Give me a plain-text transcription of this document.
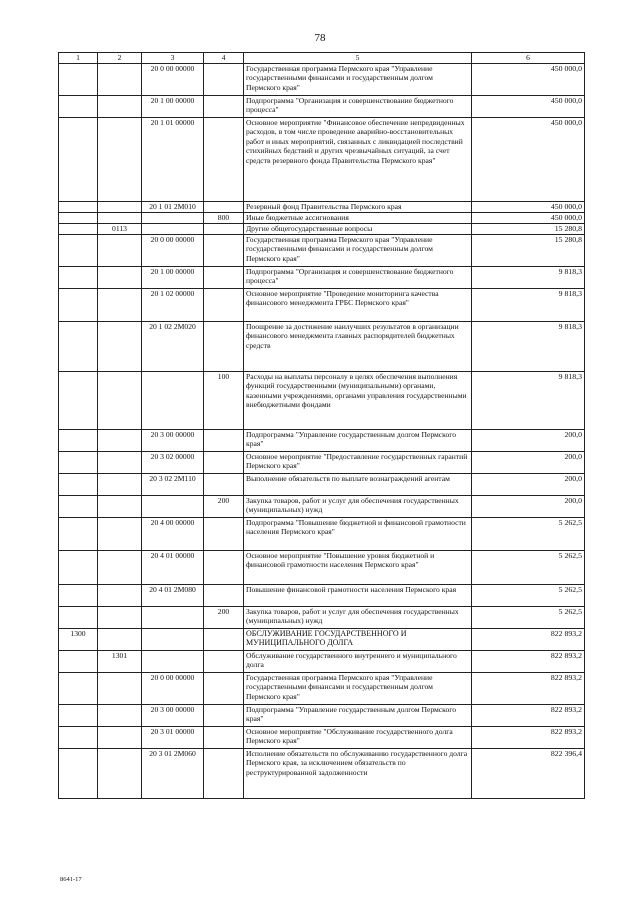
78
1	2	3	4	5	6
		20 0 00 00000		Государственная программа Пермского края "Управление государственными финансами и государственным долгом Пермского края"	450 000,0
		20 1 00 00000		Подпрограмма "Организация и совершенствование бюджетного процесса"	450 000,0
		20 1 01 00000		Основное мероприятие "Финансовое обеспечение непредвиденных расходов, в том числе проведение аварийно-восстановительных работ и иных мероприятий, связанных с ликвидацией последствий стихийных бедствий и других чрезвычайных ситуаций, за счет средств резервного фонда Правительства Пермского края"	450 000,0
		20 1 01 2M010		Резервный фонд Правительства Пермского края	450 000,0
			800	Иные бюджетные ассигнования	450 000,0
	0113			Другие общегосударственные вопросы	15 280,8
		20 0 00 00000		Государственная программа Пермского края "Управление государственными финансами и государственным долгом Пермского края"	15 280,8
		20 1 00 00000		Подпрограмма "Организация и совершенствование бюджетного процесса"	9 818,3
		20 1 02 00000		Основное мероприятие "Проведение мониторинга качества финансового менеджмента ГРБС Пермского края"	9 818,3
		20 1 02 2M020		Поощрение за достижение наилучших результатов в организации финансового менеджмента главных распорядителей бюджетных средств	9 818,3
			100	Расходы на выплаты персоналу в целях обеспечения выполнения функций государственными (муниципальными) органами, казенными учреждениями, органами управления государственными внебюджетными фондами	9 818,3
		20 3 00 00000		Подпрограмма "Управление государственным долгом Пермского края"	200,0
		20 3 02 00000		Основное мероприятие "Предоставление государственных гарантий Пермского края"	200,0
		20 3 02 2M110		Выполнение обязательств по выплате вознаграждений агентам	200,0
			200	Закупка товаров, работ и услуг для обеспечения государственных (муниципальных) нужд	200,0
		20 4 00 00000		Подпрограмма "Повышение бюджетной и финансовой грамотности населения Пермского края"	5 262,5
		20 4 01 00000		Основное мероприятие "Повышение уровня бюджетной и финансовой грамотности населения Пермского края"	5 262,5
		20 4 01 2M080		Повышение финансовой грамотности населения Пермского края	5 262,5
			200	Закупка товаров, работ и услуг для обеспечения государственных (муниципальных) нужд	5 262,5
1300				ОБСЛУЖИВАНИЕ ГОСУДАРСТВЕННОГО И МУНИЦИПАЛЬНОГО ДОЛГА	822 893,2
	1301			Обслуживание государственного внутреннего и муниципального долга	822 893,2
		20 0 00 00000		Государственная программа Пермского края "Управление государственными финансами и государственным долгом Пермского края"	822 893,2
		20 3 00 00000		Подпрограмма "Управление государственным долгом Пермского края"	822 893,2
		20 3 01 00000		Основное мероприятие "Обслуживание государственного долга Пермского края"	822 893,2
		20 3 01 2M060		Исполнение обязательств по обслуживанию государственного долга Пермского края, за исключением обязательств по реструктурированной задолженности	822 396,4
8641-17
